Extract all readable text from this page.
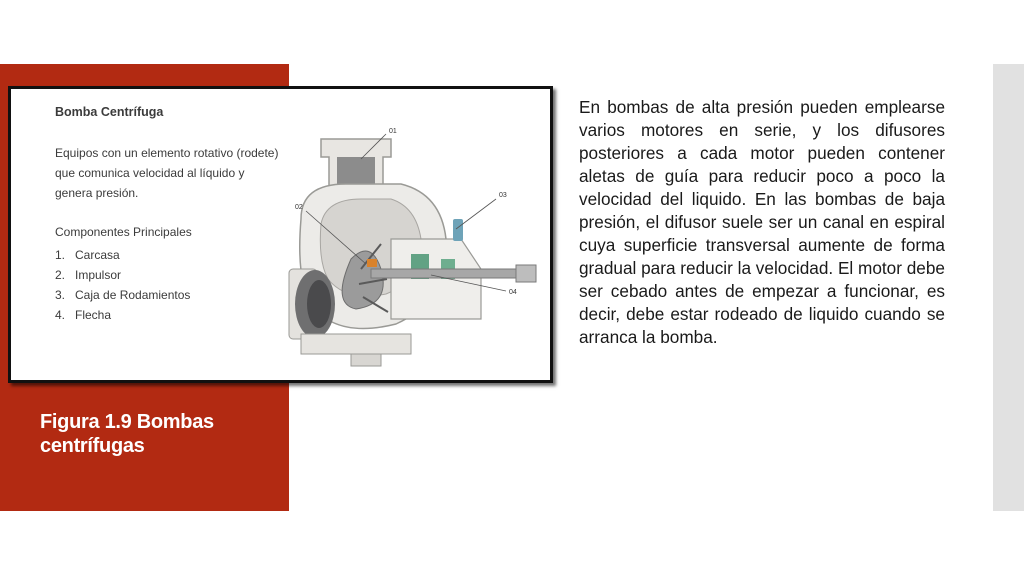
Bomba Centrífuga
Equipos con un elemento rotativo (rodete) que comunica velocidad al líquido y genera presión.
Componentes Principales
1. Carcasa
2. Impulsor
3. Caja de Rodamientos
4. Flecha
01
02
03
04
Figura 1.9 Bombas centrífugas

En bombas de alta presión pueden emplearse varios motores en serie, y los difusores posteriores a cada motor pueden contener aletas de guía para reducir poco a poco la velocidad del liquido. En las bombas de baja presión, el difusor suele ser un canal en espiral cuya superficie transversal aumente de forma gradual para reducir la velocidad. El motor debe ser cebado antes de empezar a funcionar, es decir, debe estar rodeado de liquido cuando se arranca la bomba.
